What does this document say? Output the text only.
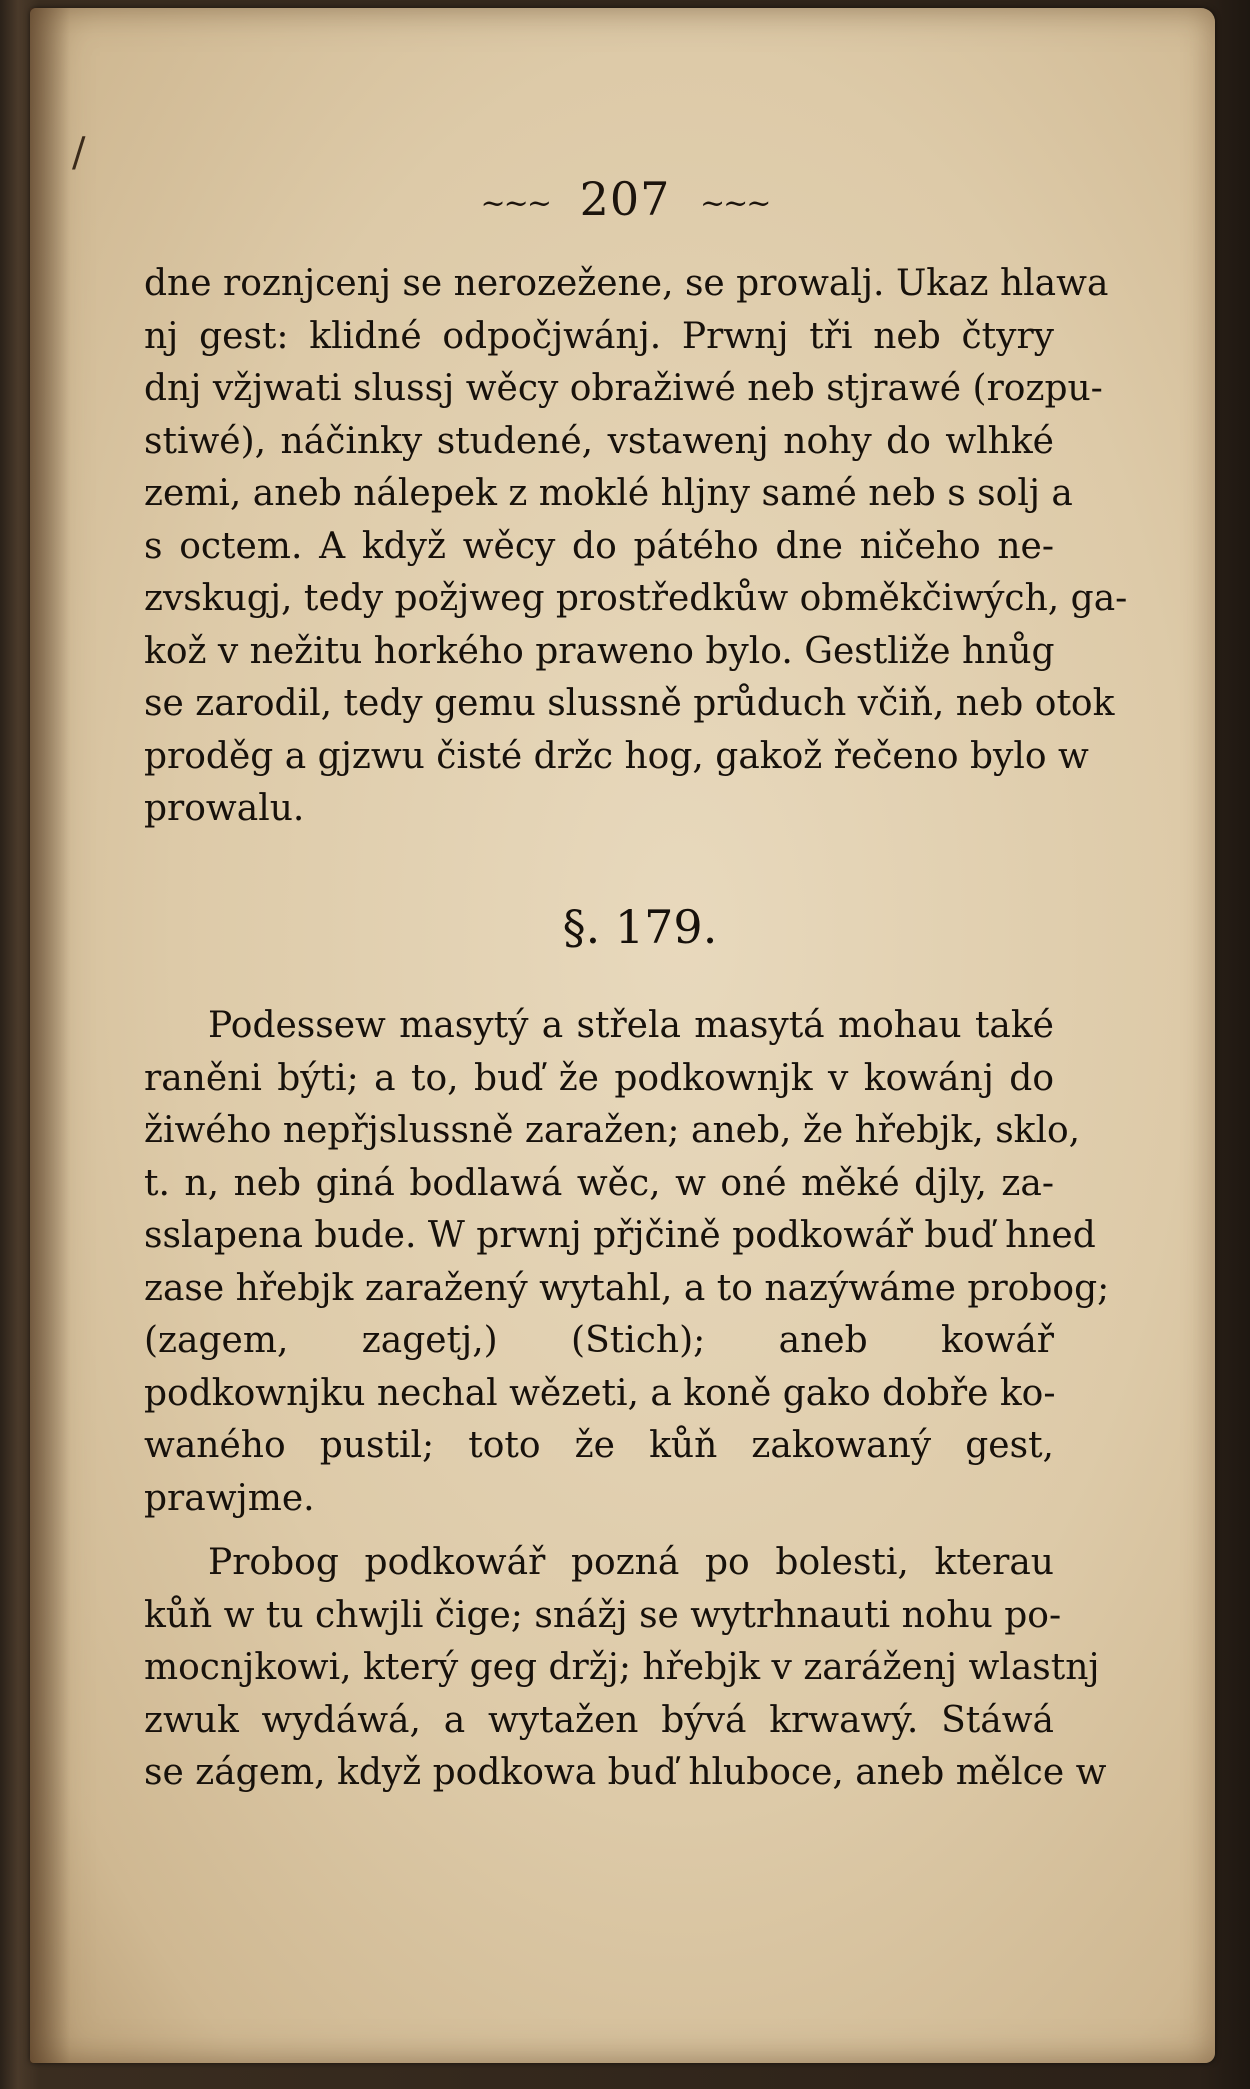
/
~~~ 207 ~~~
dne roznjcenj se nerozežene, se prowalj. Ukaz hlawa
nj gest: klidné odpočjwánj. Prwnj tři neb čtyry
dnj vžjwati slussj wěcy obražiwé neb stjrawé (rozpu-
stiwé), náčinky studené, vstawenj nohy do wlhké
zemi, aneb nálepek z moklé hljny samé neb s solj a
s octem. A když wěcy do pátého dne ničeho ne-
zvskugj, tedy požjweg prostředkůw obměkčiwých, ga-
kož v nežitu horkého praweno bylo. Gestliže hnůg
se zarodil, tedy gemu slussně průduch včiň, neb otok
proděg a gjzwu čisté držc hog, gakož řečeno bylo w
prowalu.
§. 179.
Podessew masytý a střela masytá mohau také
raněni býti; a to, buď že podkownjk v kowánj do
žiwého nepřjslussně zaražen; aneb, že hřebjk, sklo,
t. n, neb giná bodlawá wěc, w oné měké djly, za-
sslapena bude. W prwnj přjčině podkowář buď hned
zase hřebjk zaražený wytahl, a to nazýwáme probog;
(zagem, zagetj,) (Stich); aneb kowář
podkownjku nechal wězeti, a koně gako dobře ko-
waného pustil; toto že kůň zakowaný gest,
prawjme.
Probog podkowář pozná po bolesti, kterau
kůň w tu chwjli čige; snážj se wytrhnauti nohu po-
mocnjkowi, který geg držj; hřebjk v zaráženj wlastnj
zwuk wydáwá, a wytažen bývá krwawý. Stáwá
se zágem, když podkowa buď hluboce, aneb mělce w
